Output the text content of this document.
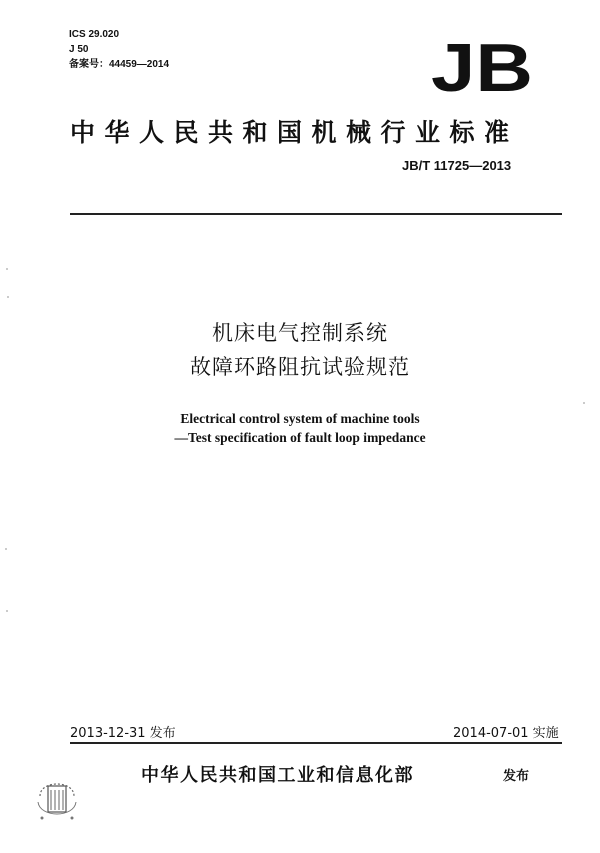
ICS 29.020
J 50
备案号：44459—2014	JB
中华人民共和国机械行业标准
JB/T 11725—2013
机床电气控制系统
故障环路阻抗试验规范
Electrical control system of machine tools
—Test specification of fault loop impedance
2013-12-31 发布	2014-07-01 实施
中华人民共和国工业和信息化部	发布
